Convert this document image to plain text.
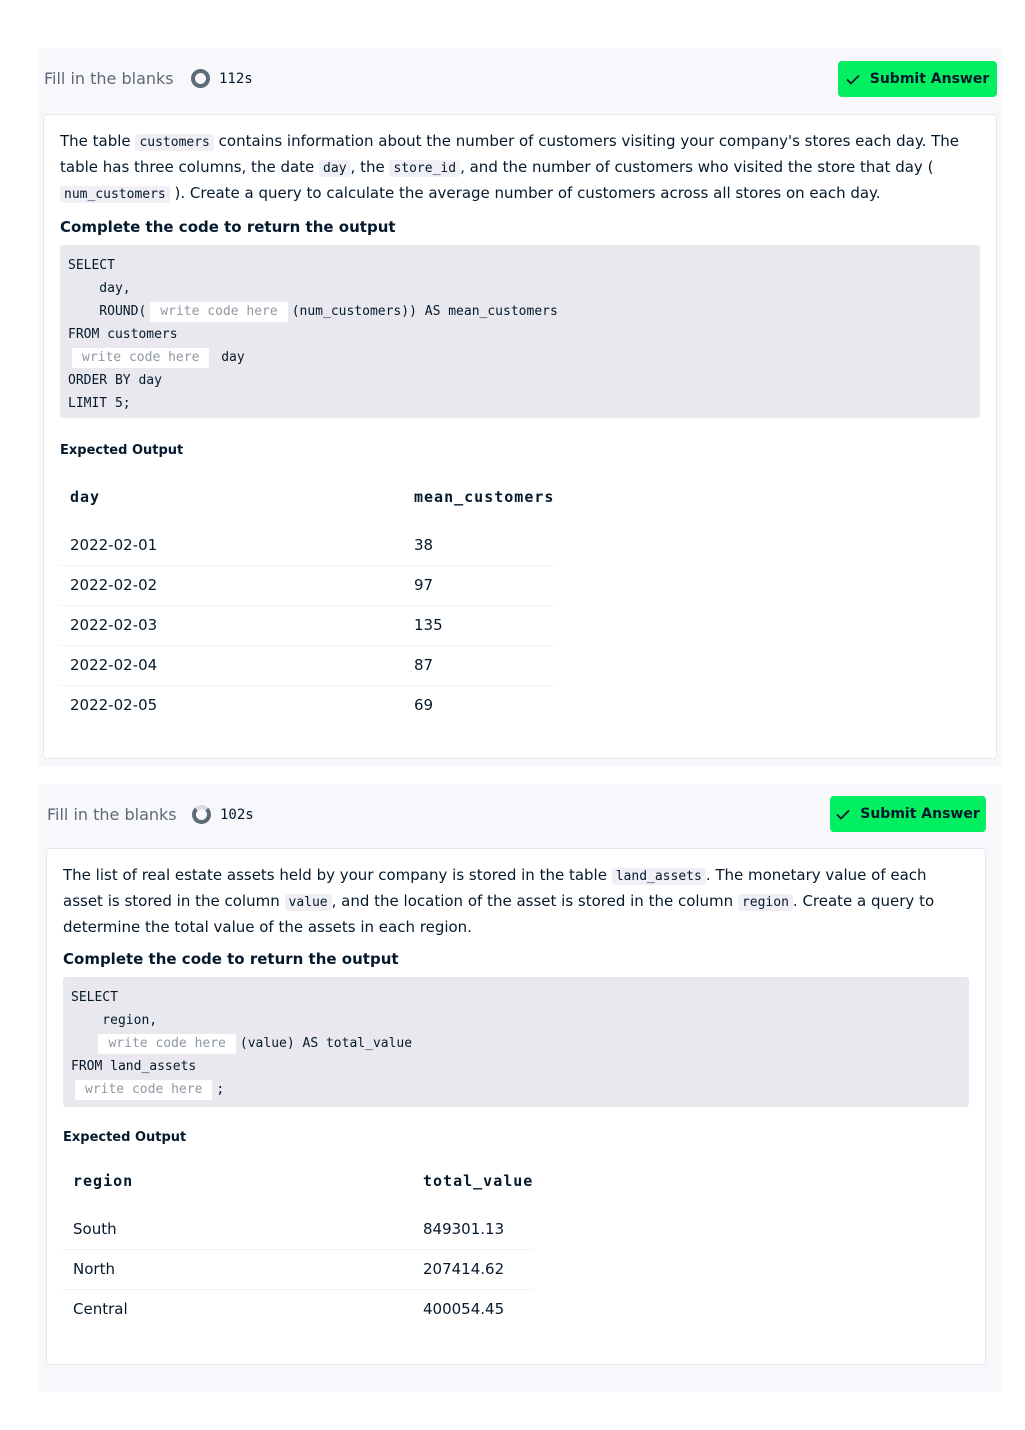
Fill in the blanks	112s	Submit Answer

The table customers contains information about the number of customers visiting your company's stores each day. The table has three columns, the date day , the store_id , and the number of customers who visited the store that day ( num_customers ). Create a query to calculate the average number of customers across all stores on each day.

Complete the code to return the output
SELECT
day,
ROUND(	write code here	(num_customers)) AS mean_customers
FROM customers
write code here	day
ORDER BY day
LIMIT 5;
Expected Output
day	mean_customers
2022-02-01	38
2022-02-02	97
2022-02-03	135
2022-02-04	87
2022-02-05	69
Fill in the blanks	102s	Submit Answer

The list of real estate assets held by your company is stored in the table land_assets . The monetary value of each asset is stored in the column value , and the location of the asset is stored in the column region . Create a query to determine the total value of the assets in each region.

Complete the code to return the output
SELECT
region,

write code here	(value) AS total_value
FROM land_assets
write code here	;
Expected Output
region	total_value
South	849301.13
North	207414.62
Central	400054.45
